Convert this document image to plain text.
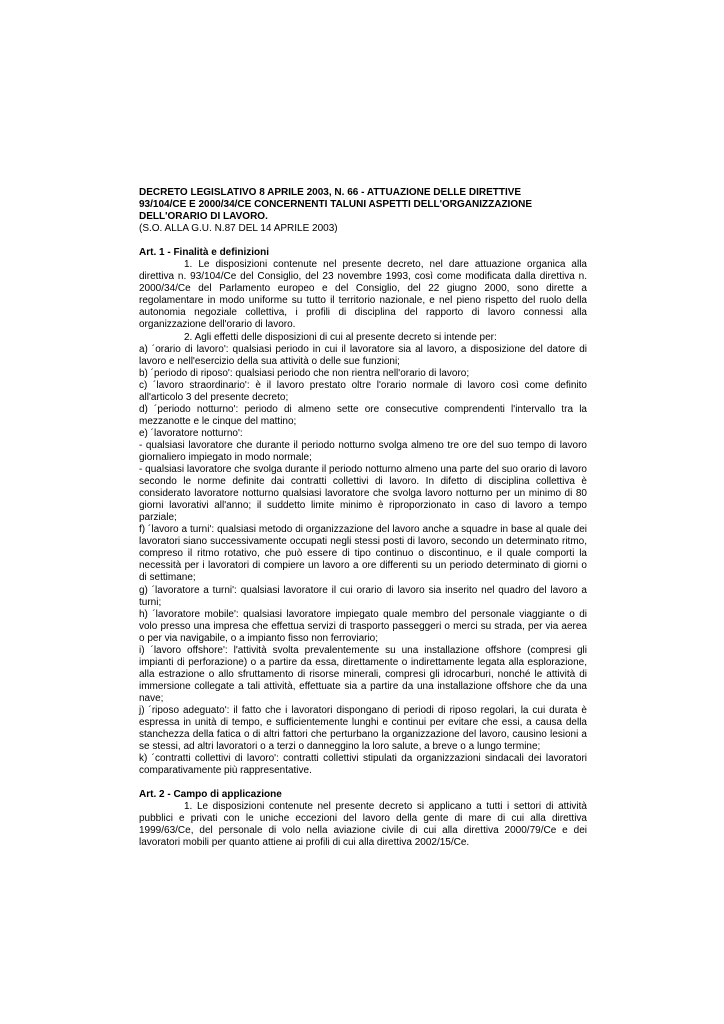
DECRETO LEGISLATIVO 8 APRILE 2003, N. 66 - ATTUAZIONE DELLE DIRETTIVE
93/104/CE E 2000/34/CE CONCERNENTI TALUNI ASPETTI DELL'ORGANIZZAZIONE
DELL'ORARIO DI LAVORO.
(S.O. ALLA G.U. N.87 DEL 14 APRILE 2003)
Art. 1 - Finalità e definizioni

1. Le disposizioni contenute nel presente decreto, nel dare attuazione organica alla direttiva n. 93/104/Ce del Consiglio, del 23 novembre 1993, così come modificata dalla direttiva n. 2000/34/Ce del Parlamento europeo e del Consiglio, del 22 giugno 2000, sono dirette a regolamentare in modo uniforme su tutto il territorio nazionale, e nel pieno rispetto del ruolo della autonomia negoziale collettiva, i profili di disciplina del rapporto di lavoro connessi alla organizzazione dell'orario di lavoro.

2. Agli effetti delle disposizioni di cui al presente decreto si intende per:

a) ´orario di lavoro': qualsiasi periodo in cui il lavoratore sia al lavoro, a disposizione del datore di lavoro e nell'esercizio della sua attività o delle sue funzioni;

b) ´periodo di riposo': qualsiasi periodo che non rientra nell'orario di lavoro;

c) ´lavoro straordinario': è il lavoro prestato oltre l'orario normale di lavoro così come definito all'articolo 3 del presente decreto;

d) ´periodo notturno': periodo di almeno sette ore consecutive comprendenti l'intervallo tra la mezzanotte e le cinque del mattino;

e) ´lavoratore notturno':

- qualsiasi lavoratore che durante il periodo notturno svolga almeno tre ore del suo tempo di lavoro giornaliero impiegato in modo normale;

- qualsiasi lavoratore che svolga durante il periodo notturno almeno una parte del suo orario di lavoro secondo le norme definite dai contratti collettivi di lavoro. In difetto di disciplina collettiva è considerato lavoratore notturno qualsiasi lavoratore che svolga lavoro notturno per un minimo di 80 giorni lavorativi all'anno; il suddetto limite minimo è riproporzionato in caso di lavoro a tempo parziale;

f) ´lavoro a turni': qualsiasi metodo di organizzazione del lavoro anche a squadre in base al quale dei lavoratori siano successivamente occupati negli stessi posti di lavoro, secondo un determinato ritmo, compreso il ritmo rotativo, che può essere di tipo continuo o discontinuo, e il quale comporti la necessità per i lavoratori di compiere un lavoro a ore differenti su un periodo determinato di giorni o di settimane;

g) ´lavoratore a turni': qualsiasi lavoratore il cui orario di lavoro sia inserito nel quadro del lavoro a turni;

h) ´lavoratore mobile': qualsiasi lavoratore impiegato quale membro del personale viaggiante o di volo presso una impresa che effettua servizi di trasporto passeggeri o merci su strada, per via aerea o per via navigabile, o a impianto fisso non ferroviario;

i) ´lavoro offshore': l'attività svolta prevalentemente su una installazione offshore (compresi gli impianti di perforazione) o a partire da essa, direttamente o indirettamente legata alla esplorazione, alla estrazione o allo sfruttamento di risorse minerali, compresi gli idrocarburi, nonché le attività di immersione collegate a tali attività, effettuate sia a partire da una installazione offshore che da una nave;

j) ´riposo adeguato': il fatto che i lavoratori dispongano di periodi di riposo regolari, la cui durata è espressa in unità di tempo, e sufficientemente lunghi e continui per evitare che essi, a causa della stanchezza della fatica o di altri fattori che perturbano la organizzazione del lavoro, causino lesioni a se stessi, ad altri lavoratori o a terzi o danneggino la loro salute, a breve o a lungo termine;

k) ´contratti collettivi di lavoro': contratti collettivi stipulati da organizzazioni sindacali dei lavoratori comparativamente più rappresentative.

Art. 2 - Campo di applicazione

1. Le disposizioni contenute nel presente decreto si applicano a tutti i settori di attività pubblici e privati con le uniche eccezioni del lavoro della gente di mare di cui alla direttiva 1999/63/Ce, del personale di volo nella aviazione civile di cui alla direttiva 2000/79/Ce e dei lavoratori mobili per quanto attiene ai profili di cui alla direttiva 2002/15/Ce.
